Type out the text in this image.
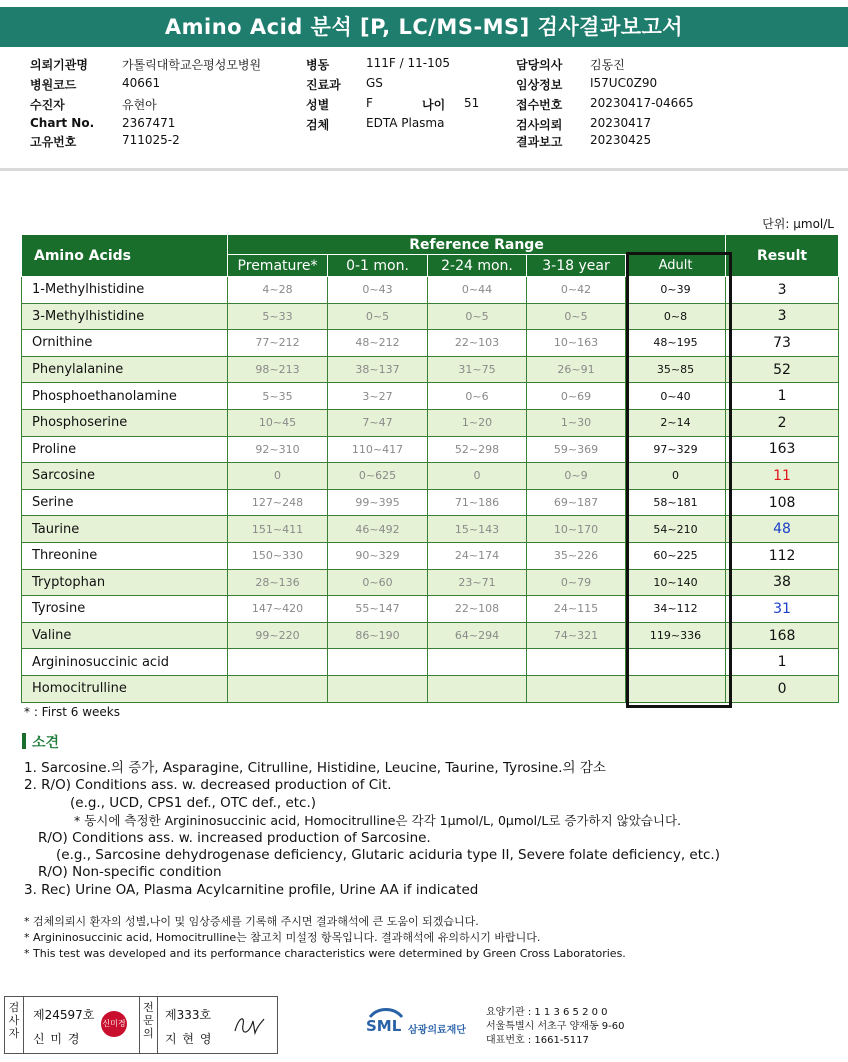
Amino Acid 분석 [P, LC/MS-MS] 검사결과보고서
의뢰기관명	가톨릭대학교은평성모병원
병원코드	40661
수진자	유현아
Chart No. 2367471
고유번호	711025-2
병동	111F / 11-105
진료과 GS
성별	F	나이 51
검체	EDTA Plasma
담당의사 김동진
임상정보 I57UC0Z90
접수번호 20230417-04665
검사의뢰 20230417
결과보고 20230425
단위: μmol/L
Amino Acids	Reference Range					Result
	Premature*	0-1 mon.	2-24 mon.	3-18 year	Adult	
1-Methylhistidine	4~28	0~43	0~44	0~42	0~39	3
3-Methylhistidine	5~33	0~5	0~5	0~5	0~8	3
Ornithine	77~212	48~212	22~103	10~163	48~195	73
Phenylalanine	98~213	38~137	31~75	26~91	35~85	52
Phosphoethanolamine	5~35	3~27	0~6	0~69	0~40	1
Phosphoserine	10~45	7~47	1~20	1~30	2~14	2
Proline	92~310	110~417	52~298	59~369	97~329	163
Sarcosine	0	0~625	0	0~9	0	11
Serine	127~248	99~395	71~186	69~187	58~181	108
Taurine	151~411	46~492	15~143	10~170	54~210	48
Threonine	150~330	90~329	24~174	35~226	60~225	112
Tryptophan	28~136	0~60	23~71	0~79	10~140	38
Tyrosine	147~420	55~147	22~108	24~115	34~112	31
Valine	99~220	86~190	64~294	74~321	119~336	168
Argininosuccinic acid						1
Homocitrulline						0
* : First 6 weeks
소견
1. Sarcosine.의 증가, Asparagine, Citrulline, Histidine, Leucine, Taurine, Tyrosine.의 감소
2. R/O) Conditions ass. w. decreased production of Cit.
(e.g., UCD, CPS1 def., OTC def., etc.)
* 동시에 측정한 Argininosuccinic acid, Homocitrulline은 각각 1μmol/L, 0μmol/L로 증가하지 않았습니다.
R/O) Conditions ass. w. increased production of Sarcosine.
(e.g., Sarcosine dehydrogenase deficiency, Glutaric aciduria type II, Severe folate deficiency, etc.)
R/O) Non-specific condition
3. Rec) Urine OA, Plasma Acylcarnitine profile, Urine AA if indicated
* 검체의뢰시 환자의 성별,나이 및 임상증세를 기록해 주시면 결과해석에 큰 도움이 되겠습니다.
* Argininosuccinic acid, Homocitrulline는 참고치 미설정 항목입니다. 결과해석에 유의하시기 바랍니다.
* This test was developed and its performance characteristics were determined by Green Cross Laboratories.
검사자
제24597호
신 미 경
신미경
전문의
제333호
지 현 영
SML 삼광의료재단
요양기관 : 1 1 3 6 5 2 0 0
서울특별시 서초구 양재동 9-60
대표번호 : 1661-5117
